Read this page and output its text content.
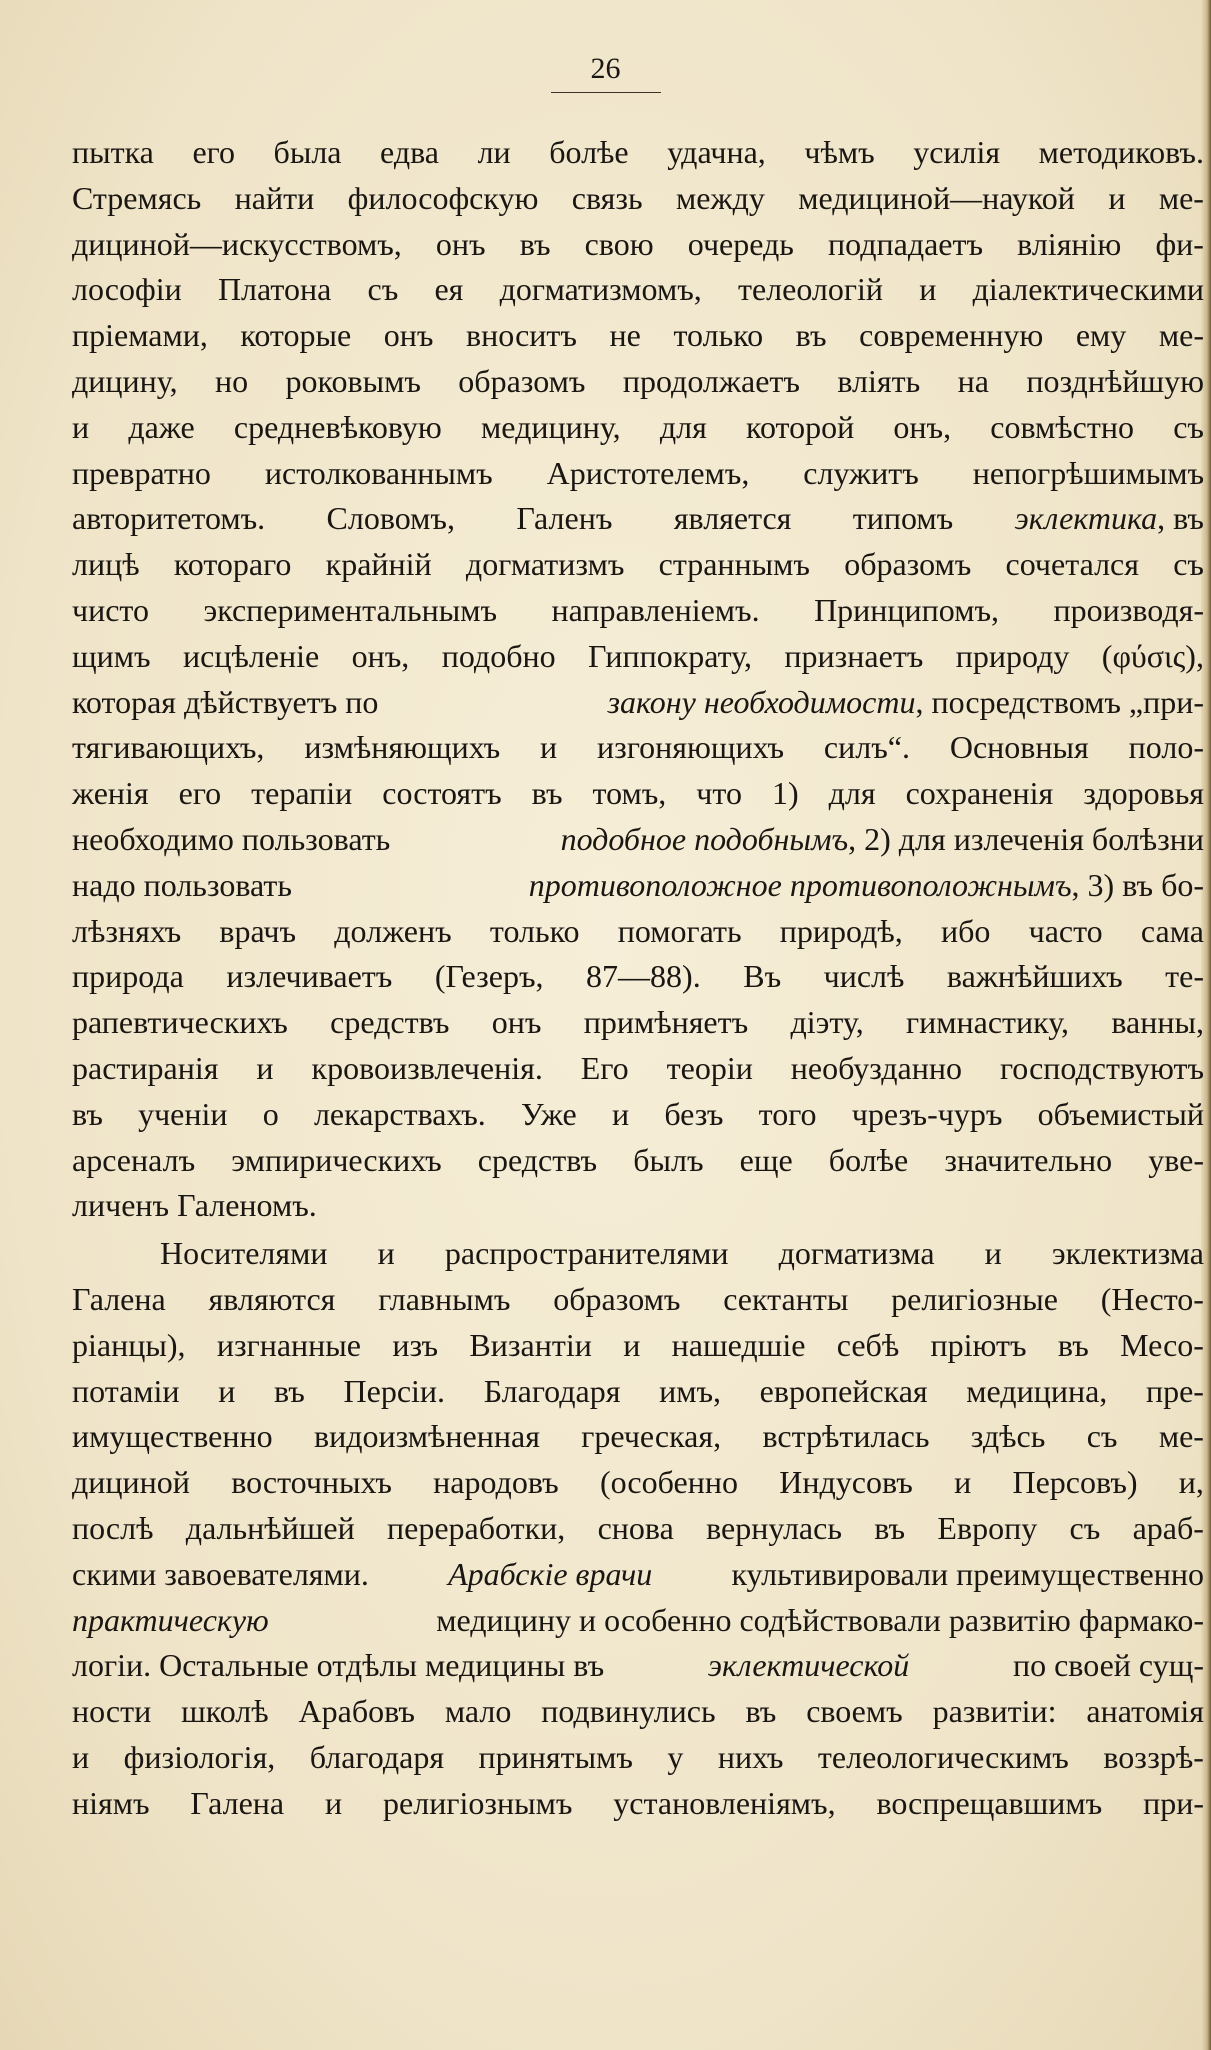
26
пытка его была едва ли болѣе удачна, чѣмъ усилія методиковъ.
Стремясь найти философскую связь между медициной—наукой и ме-
дициной—искусствомъ, онъ въ свою очередь подпадаетъ вліянію фи-
лософіи Платона съ ея догматизмомъ, телеологій и діалектическими
пріемами, которые онъ вноситъ не только въ современную ему ме-
дицину, но роковымъ образомъ продолжаетъ вліять на позднѣйшую
и даже средневѣковую медицину, для которой онъ, совмѣстно съ
превратно истолкованнымъ Аристотелемъ, служитъ непогрѣшимымъ
авторитетомъ. Словомъ, Галенъ является типомъ эклектика, въ
лицѣ котораго крайній догматизмъ страннымъ образомъ сочетался съ
чисто экспериментальнымъ направленіемъ. Принципомъ, производя-
щимъ исцѣленіе онъ, подобно Гиппократу, признаетъ природу (φύσις),
которая дѣйствуетъ по	закону необходимости, посредствомъ „при-
тягивающихъ, измѣняющихъ и изгоняющихъ силъ“. Основныя поло-
женія его терапіи состоятъ въ томъ, что 1) для сохраненія здоровья
необходимо пользовать	подобное подобнымъ, 2) для излеченія болѣзни
надо пользовать	противоположное противоположнымъ, 3) въ бо-
лѣзняхъ врачъ долженъ только помогать природѣ, ибо часто сама
природа излечиваетъ (Гезеръ, 87—88). Въ числѣ важнѣйшихъ те-
рапевтическихъ средствъ онъ примѣняетъ діэту, гимнастику, ванны,
растиранія и кровоизвлеченія. Его теоріи необузданно господствуютъ
въ ученіи о лекарствахъ. Уже и безъ того чрезъ-чуръ объемистый
арсеналъ эмпирическихъ средствъ былъ еще болѣе значительно уве-
личенъ Галеномъ.
Носителями и распространителями догматизма и эклектизма
Галена являются главнымъ образомъ сектанты религіозные (Несто-
ріанцы), изгнанные изъ Византіи и нашедшіе себѣ пріютъ въ Месо-
потаміи и въ Персіи. Благодаря имъ, европейская медицина, пре-
имущественно видоизмѣненная греческая, встрѣтилась здѣсь съ ме-
дициной восточныхъ народовъ (особенно Индусовъ и Персовъ) и,
послѣ дальнѣйшей переработки, снова вернулась въ Европу съ араб-
скими завоевателями. Арабскіе врачи культивировали преимущественно
практическую	медицину и особенно содѣйствовали развитію фармако-
логіи. Остальные отдѣлы медицины въ	эклектической	по своей сущ-
ности школѣ Арабовъ мало подвинулись въ своемъ развитіи: анатомія
и физіологія, благодаря принятымъ у нихъ телеологическимъ воззрѣ-
ніямъ Галена и религіознымъ установленіямъ, воспрещавшимъ при-
